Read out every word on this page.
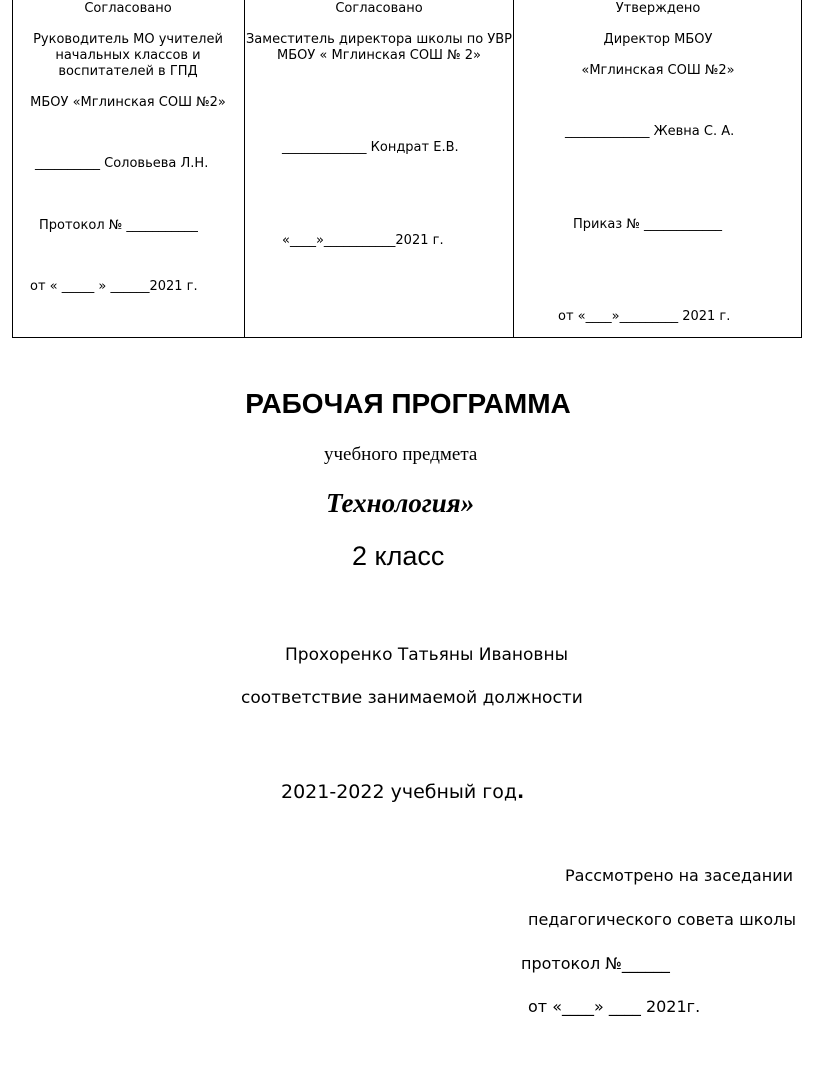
Согласовано
Руководитель МО учителей
начальных классов и
воспитателей в ГПД
МБОУ «Мглинская СОШ №2»
__________ Соловьева Л.Н.
Протокол № ___________
от « _____ » ______2021 г.
Согласовано
Заместитель директора школы по УВР
МБОУ « Мглинская СОШ № 2»
_____________ Кондрат Е.В.
«____»___________2021 г.
Утверждено
Директор МБОУ
«Мглинская СОШ №2»
_____________ Жевна С. А.
Приказ № ____________
от «____»_________ 2021 г.
РАБОЧАЯ ПРОГРАММА
учебного предмета
Технология»
2 класс
Прохоренко Татьяны Ивановны
соответствие занимаемой должности
2021-2022 учебный год.
Рассмотрено на заседании
педагогического совета школы
протокол №______
от «____» ____ 2021г.
